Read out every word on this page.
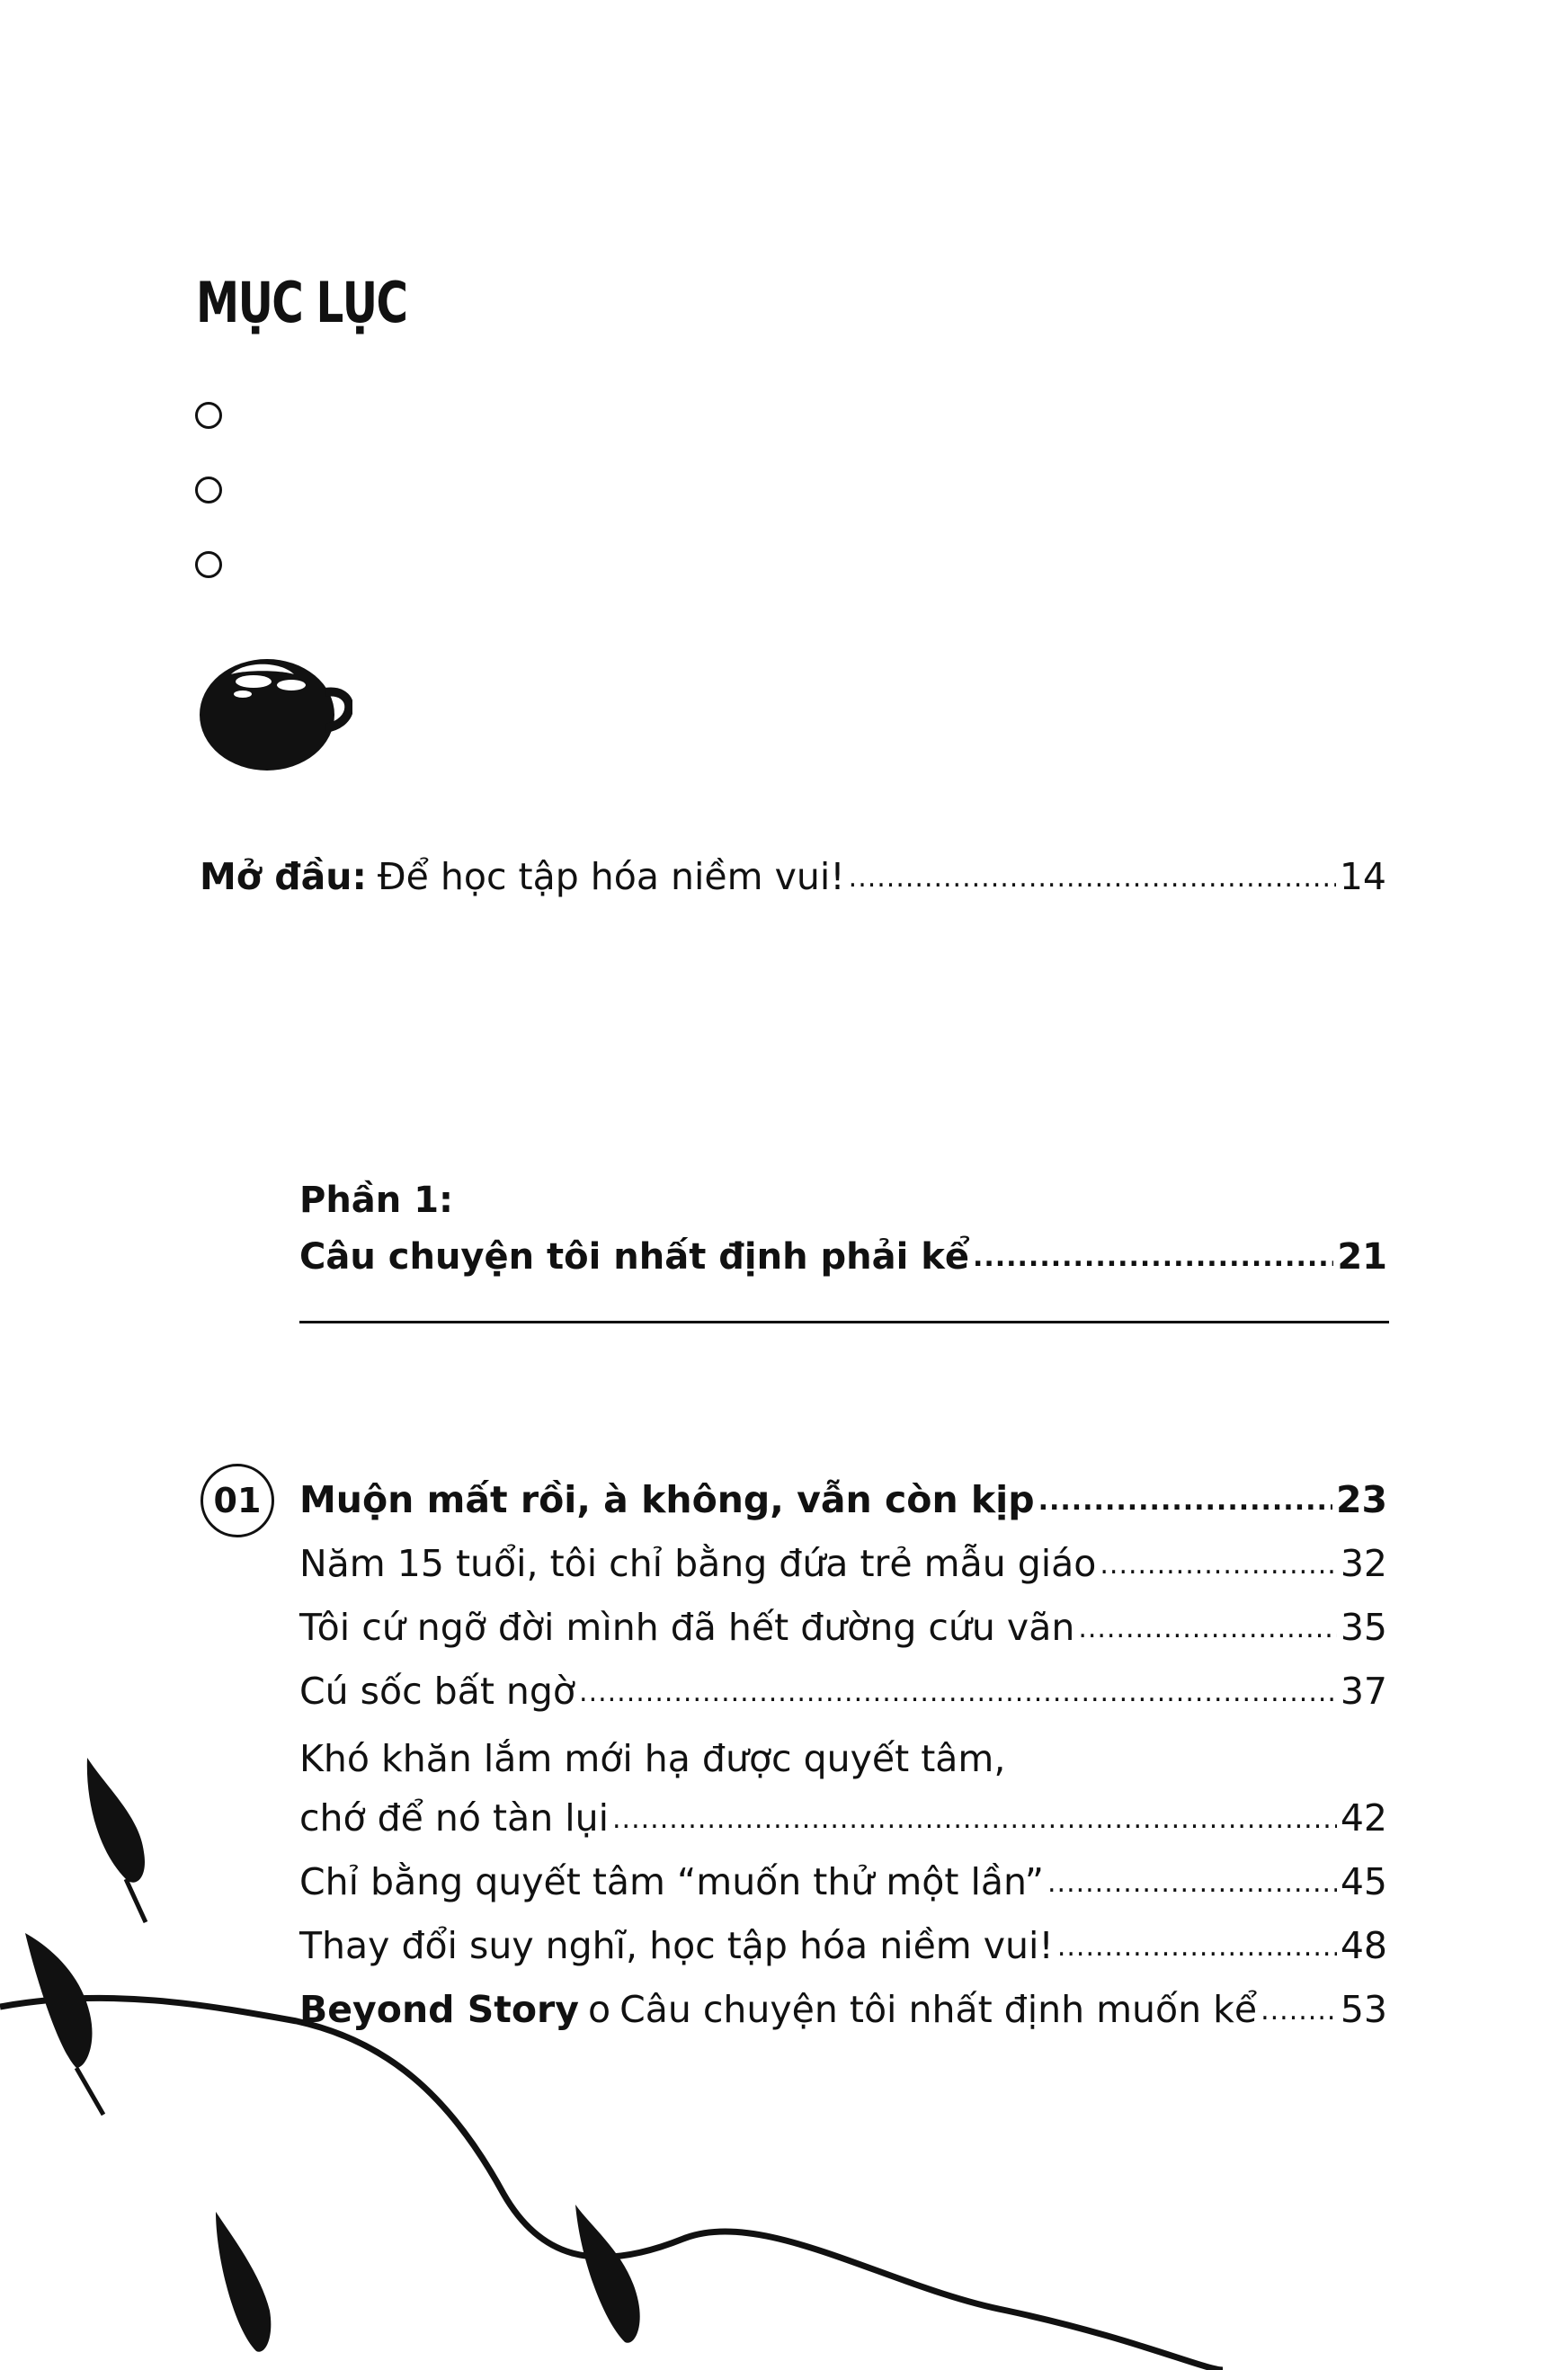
MỤC LỤC
Mở đầu: Để học tập hóa niềm vui! .....	14
Phần 1:
Câu chuyện tôi nhất định phải kể .....	21
01	Muộn mất rồi, à không, vẫn còn kịp .....	23
Năm 15 tuổi, tôi chỉ bằng đứa trẻ mẫu giáo .....	32
Tôi cứ ngỡ đời mình đã hết đường cứu vãn .....	35
Cú sốc bất ngờ .....	37
Khó khăn lắm mới hạ được quyết tâm,
chớ để nó tàn lụi .....	42
Chỉ bằng quyết tâm “muốn thử một lần” .....	45
Thay đổi suy nghĩ, học tập hóa niềm vui! .....	48
Beyond Story o Câu chuyện tôi nhất định muốn kể ..... 53
